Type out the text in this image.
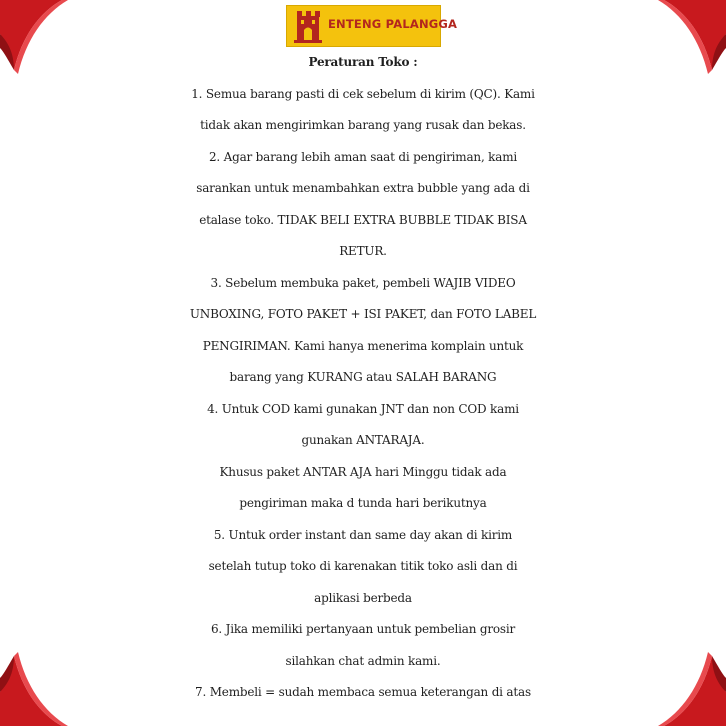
ENTENG PALANGGA
Peraturan Toko :
1. Semua barang pasti di cek sebelum di kirim (QC). Kami
tidak akan mengirimkan barang yang rusak dan bekas.
2. Agar barang lebih aman saat di pengiriman, kami
sarankan untuk menambahkan extra bubble yang ada di
etalase toko. TIDAK BELI EXTRA BUBBLE TIDAK BISA
RETUR.
3. Sebelum membuka paket, pembeli WAJIB VIDEO
UNBOXING, FOTO PAKET + ISI PAKET, dan FOTO LABEL
PENGIRIMAN. Kami hanya menerima komplain untuk
barang yang KURANG atau SALAH BARANG
4. Untuk COD kami gunakan JNT dan non COD kami
gunakan ANTARAJA.
Khusus paket ANTAR AJA hari Minggu tidak ada
pengiriman maka d tunda hari berikutnya
5. Untuk order instant dan same day akan di kirim
setelah tutup toko di karenakan titik toko asli dan di
aplikasi berbeda
6. Jika memiliki pertanyaan untuk pembelian grosir
silahkan chat admin kami.
7. Membeli = sudah membaca semua keterangan di atas
